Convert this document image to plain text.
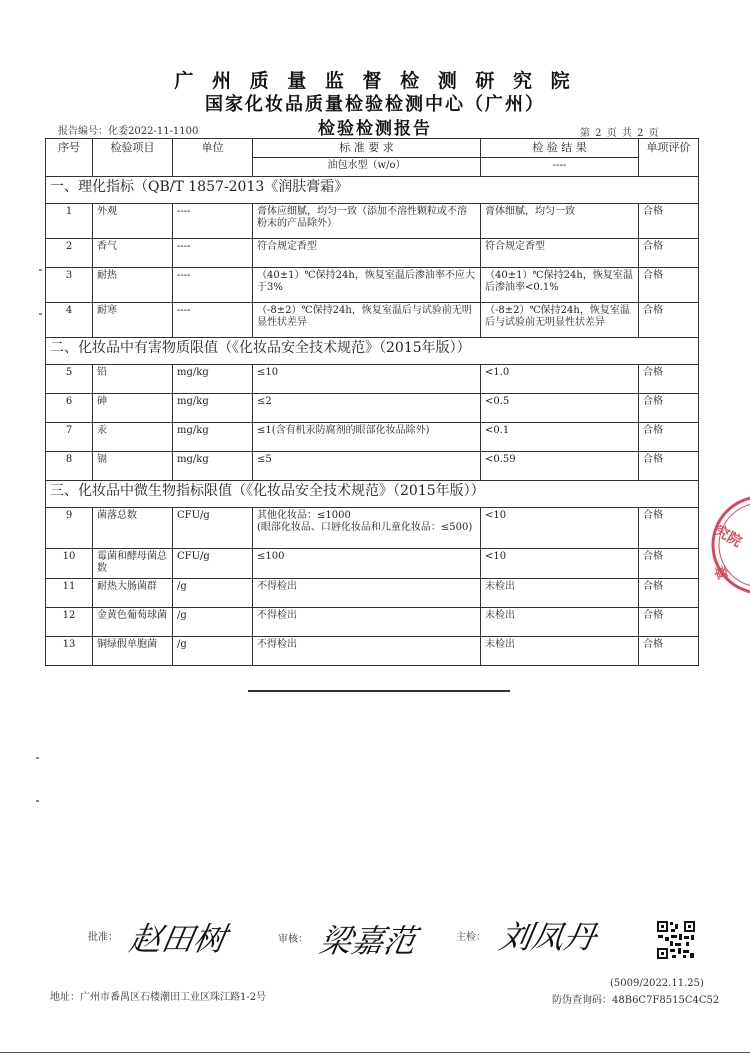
广 州 质 量 监 督 检 测 研 究 院
国家化妆品质量检验检测中心（广州）
检验检测报告
报告编号：化委2022-11-1100	第 2 页 共 2 页
序号	检验项目	单位	标 准 要 求	检 验 结 果	单项评价
			油包水型（w/o）	----	
一、理化指标（QB/T 1857-2013《润肤膏霜》					
1	外观	----	膏体应细腻，均匀一致（添加不溶性颗粒或不溶粉末的产品除外）	膏体细腻，均匀一致	合格
2	香气	----	符合规定香型	符合规定香型	合格
3	耐热	----	（40±1）℃保持24h，恢复室温后渗油率不应大于3%	（40±1）℃保持24h，恢复室温后渗油率<0.1%	合格
4	耐寒	----	（-8±2）℃保持24h，恢复室温后与试验前无明显性状差异	（-8±2）℃保持24h，恢复室温后与试验前无明显性状差异	合格
二、化妆品中有害物质限值（《化妆品安全技术规范》（2015年版））					
5	铅	mg/kg	≤10	<1.0	合格
6	砷	mg/kg	≤2	<0.5	合格
7	汞	mg/kg	≤1(含有机汞防腐剂的眼部化妆品除外)	<0.1	合格
8	镉	mg/kg	≤5	<0.59	合格
三、化妆品中微生物指标限值（《化妆品安全技术规范》（2015年版））					
9	菌落总数	CFU/g	其他化妆品：≤1000
(眼部化妆品、口唇化妆品和儿童化妆品：≤500)	<10	合格
10	霉菌和酵母菌总数	CFU/g	≤100	<10	合格
11	耐热大肠菌群	/g	不得检出	未检出	合格
12	金黄色葡萄球菌	/g	不得检出	未检出	合格
13	铜绿假单胞菌	/g	不得检出	未检出	合格
批准： 赵田树	审核： 梁嘉范	主检： 刘凤丹
究院
章
(5009/2022.11.25)
地址：广州市番禺区石楼潮田工业区珠江路1-2号	防伪查询码：48B6C7F8515C4C52
